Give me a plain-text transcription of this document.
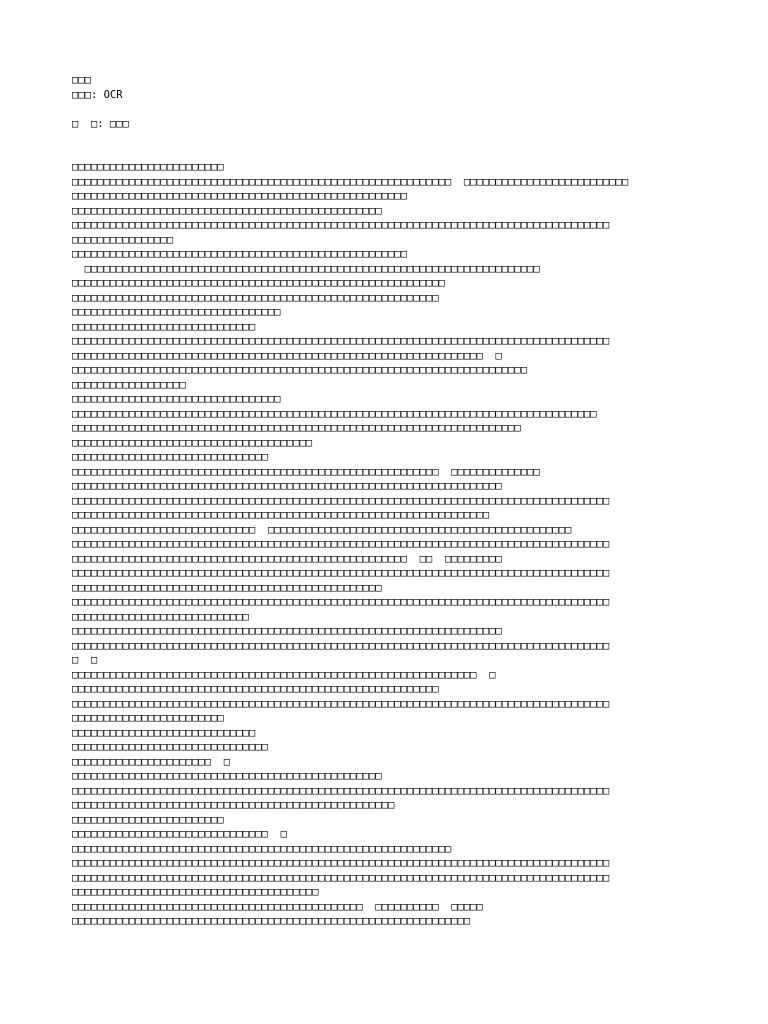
□□□
□□□: OCR
□  □: □□□
□□□□□□□□□□□□□□□□□□□□□□□□
□□□□□□□□□□□□□□□□□□□□□□□□□□□□□□□□□□□□□□□□□□□□□□□□□□□□□□□□□□□□  □□□□□□□□□□□□□□□□□□□□□□□□□□
□□□□□□□□□□□□□□□□□□□□□□□□□□□□□□□□□□□□□□□□□□□□□□□□□□□□□
□□□□□□□□□□□□□□□□□□□□□□□□□□□□□□□□□□□□□□□□□□□□□□□□□
□□□□□□□□□□□□□□□□□□□□□□□□□□□□□□□□□□□□□□□□□□□□□□□□□□□□□□□□□□□□□□□□□□□□□□□□□□□□□□□□□□□□□
□□□□□□□□□□□□□□□□
□□□□□□□□□□□□□□□□□□□□□□□□□□□□□□□□□□□□□□□□□□□□□□□□□□□□□
□□□□□□□□□□□□□□□□□□□□□□□□□□□□□□□□□□□□□□□□□□□□□□□□□□□□□□□□□□□□□□□□□□□□□□□□
□□□□□□□□□□□□□□□□□□□□□□□□□□□□□□□□□□□□□□□□□□□□□□□□□□□□□□□□□□□
□□□□□□□□□□□□□□□□□□□□□□□□□□□□□□□□□□□□□□□□□□□□□□□□□□□□□□□□□□
□□□□□□□□□□□□□□□□□□□□□□□□□□□□□□□□□
□□□□□□□□□□□□□□□□□□□□□□□□□□□□□
□□□□□□□□□□□□□□□□□□□□□□□□□□□□□□□□□□□□□□□□□□□□□□□□□□□□□□□□□□□□□□□□□□□□□□□□□□□□□□□□□□□□□
□□□□□□□□□□□□□□□□□□□□□□□□□□□□□□□□□□□□□□□□□□□□□□□□□□□□□□□□□□□□□□□□□  □
□□□□□□□□□□□□□□□□□□□□□□□□□□□□□□□□□□□□□□□□□□□□□□□□□□□□□□□□□□□□□□□□□□□□□□□□
□□□□□□□□□□□□□□□□□□
□□□□□□□□□□□□□□□□□□□□□□□□□□□□□□□□□
□□□□□□□□□□□□□□□□□□□□□□□□□□□□□□□□□□□□□□□□□□□□□□□□□□□□□□□□□□□□□□□□□□□□□□□□□□□□□□□□□□□
□□□□□□□□□□□□□□□□□□□□□□□□□□□□□□□□□□□□□□□□□□□□□□□□□□□□□□□□□□□□□□□□□□□□□□□
□□□□□□□□□□□□□□□□□□□□□□□□□□□□□□□□□□□□□□
□□□□□□□□□□□□□□□□□□□□□□□□□□□□□□□
□□□□□□□□□□□□□□□□□□□□□□□□□□□□□□□□□□□□□□□□□□□□□□□□□□□□□□□□□□  □□□□□□□□□□□□□□
□□□□□□□□□□□□□□□□□□□□□□□□□□□□□□□□□□□□□□□□□□□□□□□□□□□□□□□□□□□□□□□□□□□□
□□□□□□□□□□□□□□□□□□□□□□□□□□□□□□□□□□□□□□□□□□□□□□□□□□□□□□□□□□□□□□□□□□□□□□□□□□□□□□□□□□□□□
□□□□□□□□□□□□□□□□□□□□□□□□□□□□□□□□□□□□□□□□□□□□□□□□□□□□□□□□□□□□□□□□□□
□□□□□□□□□□□□□□□□□□□□□□□□□□□□□  □□□□□□□□□□□□□□□□□□□□□□□□□□□□□□□□□□□□□□□□□□□□□□□□
□□□□□□□□□□□□□□□□□□□□□□□□□□□□□□□□□□□□□□□□□□□□□□□□□□□□□□□□□□□□□□□□□□□□□□□□□□□□□□□□□□□□□
□□□□□□□□□□□□□□□□□□□□□□□□□□□□□□□□□□□□□□□□□□□□□□□□□□□□□  □□  □□□□□□□□□
□□□□□□□□□□□□□□□□□□□□□□□□□□□□□□□□□□□□□□□□□□□□□□□□□□□□□□□□□□□□□□□□□□□□□□□□□□□□□□□□□□□□□
□□□□□□□□□□□□□□□□□□□□□□□□□□□□□□□□□□□□□□□□□□□□□□□□□
□□□□□□□□□□□□□□□□□□□□□□□□□□□□□□□□□□□□□□□□□□□□□□□□□□□□□□□□□□□□□□□□□□□□□□□□□□□□□□□□□□□□□
□□□□□□□□□□□□□□□□□□□□□□□□□□□□
□□□□□□□□□□□□□□□□□□□□□□□□□□□□□□□□□□□□□□□□□□□□□□□□□□□□□□□□□□□□□□□□□□□□
□□□□□□□□□□□□□□□□□□□□□□□□□□□□□□□□□□□□□□□□□□□□□□□□□□□□□□□□□□□□□□□□□□□□□□□□□□□□□□□□□□□□□
□  □
□□□□□□□□□□□□□□□□□□□□□□□□□□□□□□□□□□□□□□□□□□□□□□□□□□□□□□□□□□□□□□□□  □
□□□□□□□□□□□□□□□□□□□□□□□□□□□□□□□□□□□□□□□□□□□□□□□□□□□□□□□□□□
□□□□□□□□□□□□□□□□□□□□□□□□□□□□□□□□□□□□□□□□□□□□□□□□□□□□□□□□□□□□□□□□□□□□□□□□□□□□□□□□□□□□□
□□□□□□□□□□□□□□□□□□□□□□□□
□□□□□□□□□□□□□□□□□□□□□□□□□□□□□
□□□□□□□□□□□□□□□□□□□□□□□□□□□□□□□
□□□□□□□□□□□□□□□□□□□□□□  □
□□□□□□□□□□□□□□□□□□□□□□□□□□□□□□□□□□□□□□□□□□□□□□□□□
□□□□□□□□□□□□□□□□□□□□□□□□□□□□□□□□□□□□□□□□□□□□□□□□□□□□□□□□□□□□□□□□□□□□□□□□□□□□□□□□□□□□□
□□□□□□□□□□□□□□□□□□□□□□□□□□□□□□□□□□□□□□□□□□□□□□□□□□□
□□□□□□□□□□□□□□□□□□□□□□□□
□□□□□□□□□□□□□□□□□□□□□□□□□□□□□□□  □
□□□□□□□□□□□□□□□□□□□□□□□□□□□□□□□□□□□□□□□□□□□□□□□□□□□□□□□□□□□□
□□□□□□□□□□□□□□□□□□□□□□□□□□□□□□□□□□□□□□□□□□□□□□□□□□□□□□□□□□□□□□□□□□□□□□□□□□□□□□□□□□□□□
□□□□□□□□□□□□□□□□□□□□□□□□□□□□□□□□□□□□□□□□□□□□□□□□□□□□□□□□□□□□□□□□□□□□□□□□□□□□□□□□□□□□□
□□□□□□□□□□□□□□□□□□□□□□□□□□□□□□□□□□□□□□□
□□□□□□□□□□□□□□□□□□□□□□□□□□□□□□□□□□□□□□□□□□□□□□  □□□□□□□□□□  □□□□□
□□□□□□□□□□□□□□□□□□□□□□□□□□□□□□□□□□□□□□□□□□□□□□□□□□□□□□□□□□□□□□□
